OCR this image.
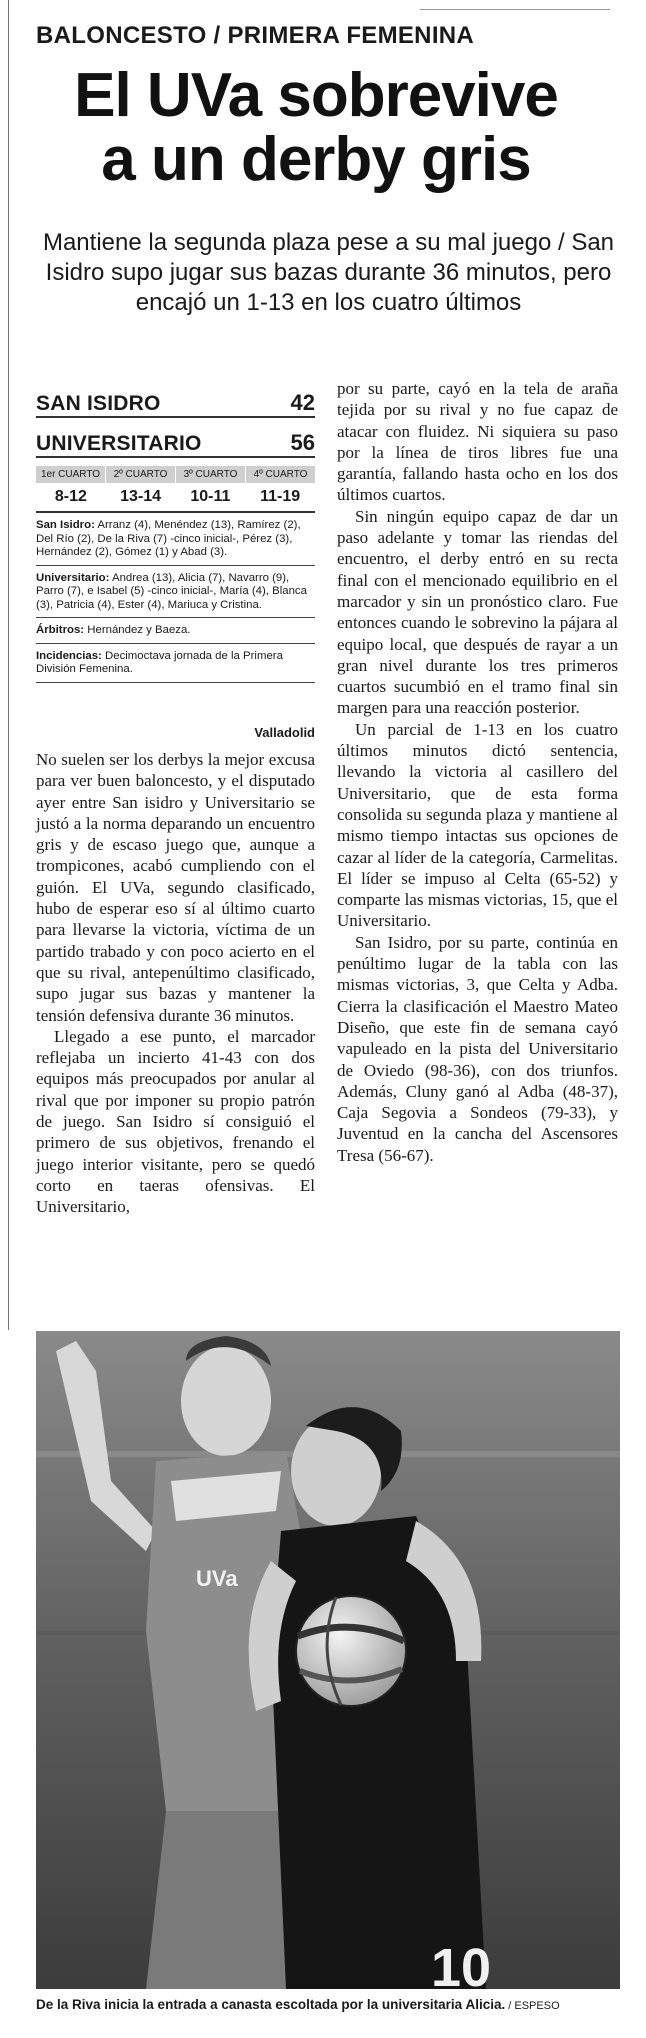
BALONCESTO / PRIMERA FEMENINA
El UVa sobrevive
a un derby gris
Mantiene la segunda plaza pese a su mal juego / San Isidro supo jugar sus bazas durante 36 minutos, pero encajó un 1-13 en los cuatro últimos
SAN ISIDRO	42
UNIVERSITARIO	56
1er CUARTO	2º CUARTO	3º CUARTO	4º CUARTO
8-12	13-14	10-11	11-19
San Isidro: Arranz (4), Menéndez (13), Ramírez (2), Del Río (2), De la Riva (7) -cinco inicial-, Pérez (3), Hernández (2), Gómez (1) y Abad (3).
Universitario: Andrea (13), Alicia (7), Navarro (9), Parro (7), e Isabel (5) -cinco inicial-, María (4), Blanca (3), Patricia (4), Ester (4), Mariuca y Cristina.
Árbitros: Hernández y Baeza.
Incidencias: Decimoctava jornada de la Primera División Femenina.
Valladolid

No suelen ser los derbys la mejor excusa para ver buen baloncesto, y el disputado ayer entre San isidro y Universitario se justó a la norma deparando un encuentro gris y de escaso juego que, aunque a trompicones, acabó cumpliendo con el guión. El UVa, segundo clasificado, hubo de esperar eso sí al último cuarto para llevarse la victoria, víctima de un partido trabado y con poco acierto en el que su rival, antepenúltimo clasificado, supo jugar sus bazas y mantener la tensión defensiva durante 36 minutos.

Llegado a ese punto, el marcador reflejaba un incierto 41-43 con dos equipos más preocupados por anular al rival que por imponer su propio patrón de juego. San Isidro sí consiguió el primero de sus objetivos, frenando el juego interior visitante, pero se quedó corto en taeras ofensivas. El Universitario,

por su parte, cayó en la tela de araña tejida por su rival y no fue capaz de atacar con fluidez. Ni siquiera su paso por la línea de tiros libres fue una garantía, fallando hasta ocho en los dos últimos cuartos.

Sin ningún equipo capaz de dar un paso adelante y tomar las riendas del encuentro, el derby entró en su recta final con el mencionado equilibrio en el marcador y sin un pronóstico claro. Fue entonces cuando le sobrevino la pájara al equipo local, que después de rayar a un gran nivel durante los tres primeros cuartos sucumbió en el tramo final sin margen para una reacción posterior.

Un parcial de 1-13 en los cuatro últimos minutos dictó sentencia, llevando la victoria al casillero del Universitario, que de esta forma consolida su segunda plaza y mantiene al mismo tiempo intactas sus opciones de cazar al líder de la categoría, Carmelitas. El líder se impuso al Celta (65-52) y comparte las mismas victorias, 15, que el Universitario.

San Isidro, por su parte, continúa en penúltimo lugar de la tabla con las mismas victorias, 3, que Celta y Adba. Cierra la clasificación el Maestro Mateo Diseño, que este fin de semana cayó vapuleado en la pista del Universitario de Oviedo (98-36), con dos triunfos. Además, Cluny ganó al Adba (48-37), Caja Segovia a Sondeos (79-33), y Juventud en la cancha del Ascensores Tresa (56-67).

UVa
10
De la Riva inicia la entrada a canasta escoltada por la universitaria Alicia. / ESPESO
